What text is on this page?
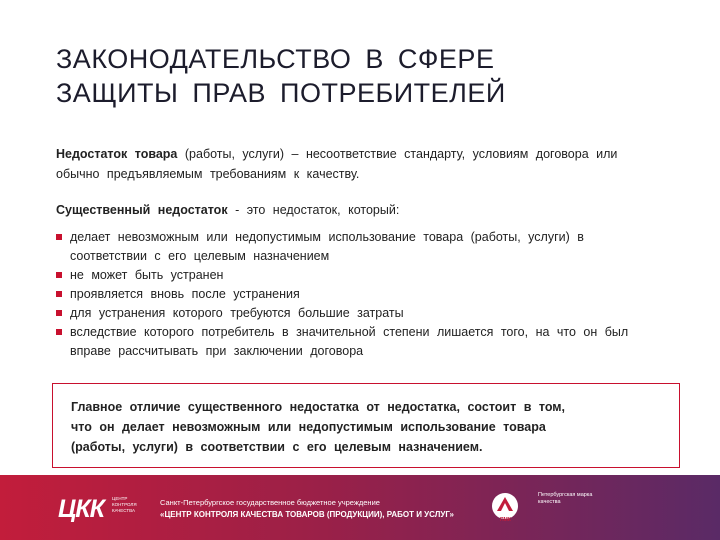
ЗАКОНОДАТЕЛЬСТВО В СФЕРЕ
ЗАЩИТЫ ПРАВ ПОТРЕБИТЕЛЕЙ
Недостаток товара (работы, услуги) – несоответствие стандарту, условиям договора или обычно предъявляемым требованиям к качеству.
Существенный недостаток - это недостаток, который:
делает невозможным или недопустимым использование товара (работы, услуги) в соответствии с его целевым назначением
не может быть устранен
проявляется вновь после устранения
для устранения которого требуются большие затраты
вследствие которого потребитель в значительной степени лишается того, на что он был вправе рассчитывать при заключении договора
Главное отличие существенного недостатка от недостатка, состоит в том,
что он делает невозможным или недопустимым использование товара
(работы, услуги) в соответствии с его целевым назначением.
ЦКК ЦЕНТР КОНТРОЛЯ КАЧЕСТВА
Санкт-Петербургское государственное бюджетное учреждение
«ЦЕНТР КОНТРОЛЯ КАЧЕСТВА ТОВАРОВ (ПРОДУКЦИИ), РАБОТ И УСЛУГ»
ПМК
Петербургская марка качества
